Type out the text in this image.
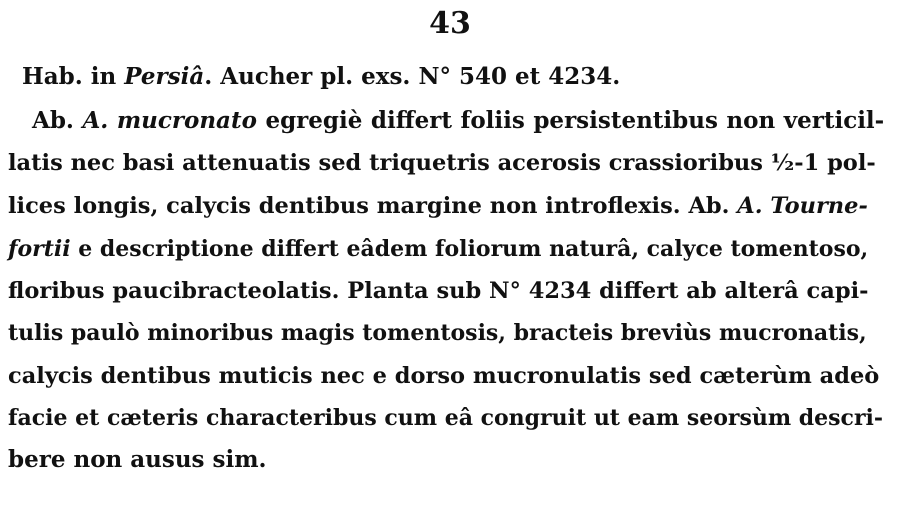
43
Hab. in Persiâ. Aucher pl. exs. N° 540 et 4234.
Ab. A. mucronato egregiè differt foliis persistentibus non verticil-
latis nec basi attenuatis sed triquetris acerosis crassioribus ½-1 pol-
lices longis, calycis dentibus margine non introflexis. Ab. A. Tourne-
fortii e descriptione differt eâdem foliorum naturâ, calyce tomentoso,
floribus paucibracteolatis. Planta sub N° 4234 differt ab alterâ capi-
tulis paulò minoribus magis tomentosis, bracteis breviùs mucronatis,
calycis dentibus muticis nec e dorso mucronulatis sed cæterùm adeò
facie et cæteris characteribus cum eâ congruit ut eam seorsùm descri-
bere non ausus sim.
